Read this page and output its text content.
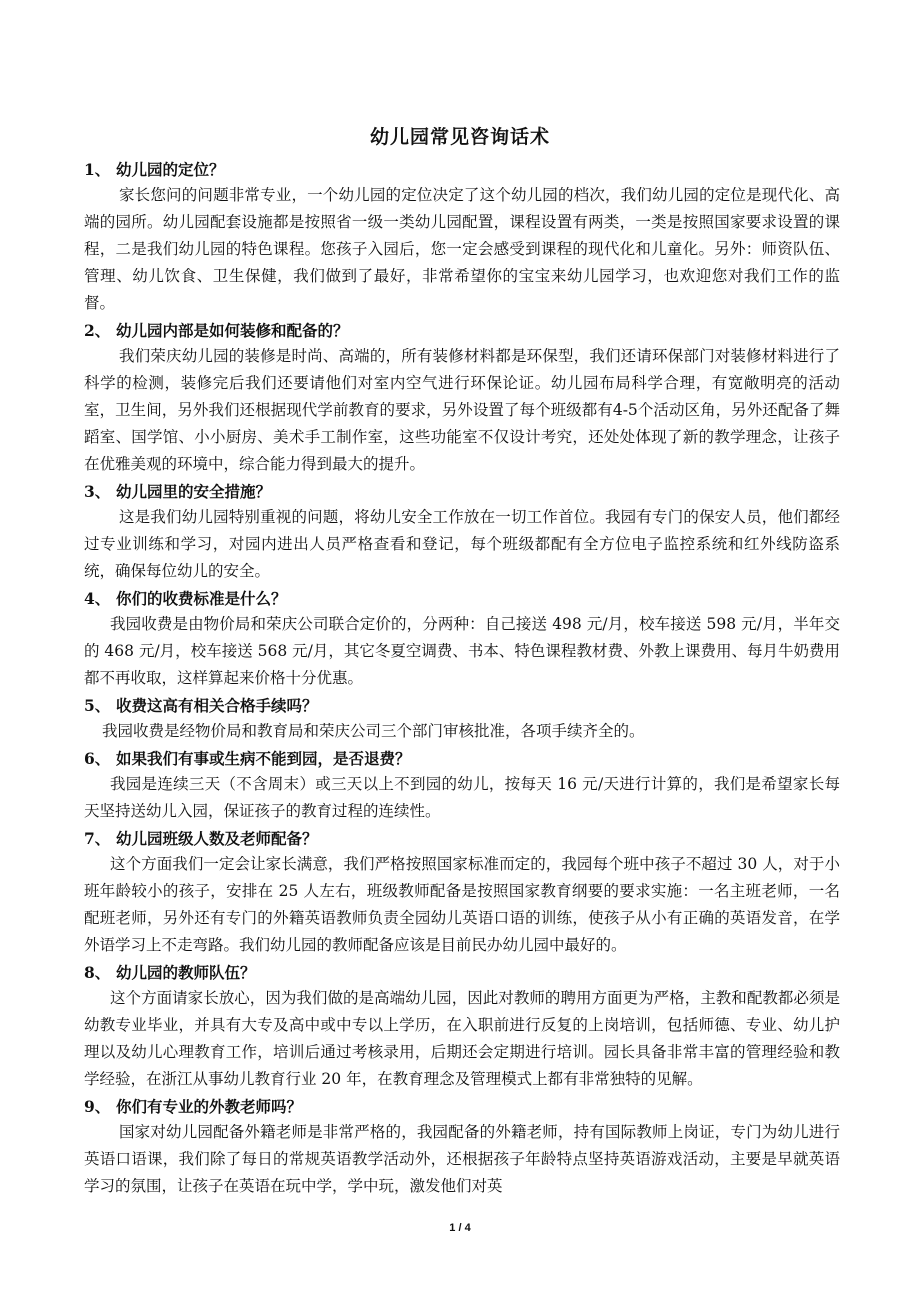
幼儿园常见咨询话术

1、 幼儿园的定位？

家长您问的问题非常专业，一个幼儿园的定位决定了这个幼儿园的档次，我们幼儿园的定位是现代化、高端的园所。幼儿园配套设施都是按照省一级一类幼儿园配置，课程设置有两类，一类是按照国家要求设置的课程，二是我们幼儿园的特色课程。您孩子入园后，您一定会感受到课程的现代化和儿童化。另外：师资队伍、管理、幼儿饮食、卫生保健，我们做到了最好，非常希望你的宝宝来幼儿园学习，也欢迎您对我们工作的监督。

2、 幼儿园内部是如何装修和配备的？

我们荣庆幼儿园的装修是时尚、高端的，所有装修材料都是环保型，我们还请环保部门对装修材料进行了科学的检测，装修完后我们还要请他们对室内空气进行环保论证。幼儿园布局科学合理，有宽敞明亮的活动室，卫生间，另外我们还根据现代学前教育的要求，另外设置了每个班级都有4-5个活动区角，另外还配备了舞蹈室、国学馆、小小厨房、美术手工制作室，这些功能室不仅设计考究，还处处体现了新的教学理念，让孩子在优雅美观的环境中，综合能力得到最大的提升。

3、 幼儿园里的安全措施？

这是我们幼儿园特别重视的问题，将幼儿安全工作放在一切工作首位。我园有专门的保安人员，他们都经过专业训练和学习，对园内进出人员严格查看和登记，每个班级都配有全方位电子监控系统和红外线防盗系统，确保每位幼儿的安全。

4、 你们的收费标准是什么？

我园收费是由物价局和荣庆公司联合定价的，分两种：自己接送 498 元/月，校车接送 598 元/月，半年交的 468 元/月，校车接送 568 元/月，其它冬夏空调费、书本、特色课程教材费、外教上课费用、每月牛奶费用都不再收取，这样算起来价格十分优惠。

5、 收费这高有相关合格手续吗？

我园收费是经物价局和教育局和荣庆公司三个部门审核批准，各项手续齐全的。

6、 如果我们有事或生病不能到园，是否退费？

我园是连续三天（不含周末）或三天以上不到园的幼儿，按每天 16 元/天进行计算的，我们是希望家长每天坚持送幼儿入园，保证孩子的教育过程的连续性。

7、 幼儿园班级人数及老师配备？

这个方面我们一定会让家长满意，我们严格按照国家标准而定的，我园每个班中孩子不超过 30 人，对于小班年龄较小的孩子，安排在 25 人左右，班级教师配备是按照国家教育纲要的要求实施：一名主班老师，一名配班老师，另外还有专门的外籍英语教师负责全园幼儿英语口语的训练，使孩子从小有正确的英语发音，在学外语学习上不走弯路。我们幼儿园的教师配备应该是目前民办幼儿园中最好的。

8、 幼儿园的教师队伍？

这个方面请家长放心，因为我们做的是高端幼儿园，因此对教师的聘用方面更为严格，主教和配教都必须是幼教专业毕业，并具有大专及高中或中专以上学历，在入职前进行反复的上岗培训，包括师德、专业、幼儿护理以及幼儿心理教育工作，培训后通过考核录用，后期还会定期进行培训。园长具备非常丰富的管理经验和教学经验，在浙江从事幼儿教育行业 20 年，在教育理念及管理模式上都有非常独特的见解。

9、 你们有专业的外教老师吗？

国家对幼儿园配备外籍老师是非常严格的，我园配备的外籍老师，持有国际教师上岗证，专门为幼儿进行英语口语课，我们除了每日的常规英语教学活动外，还根据孩子年龄特点坚持英语游戏活动，主要是早就英语学习的氛围，让孩子在英语在玩中学，学中玩，激发他们对英

1 / 4
